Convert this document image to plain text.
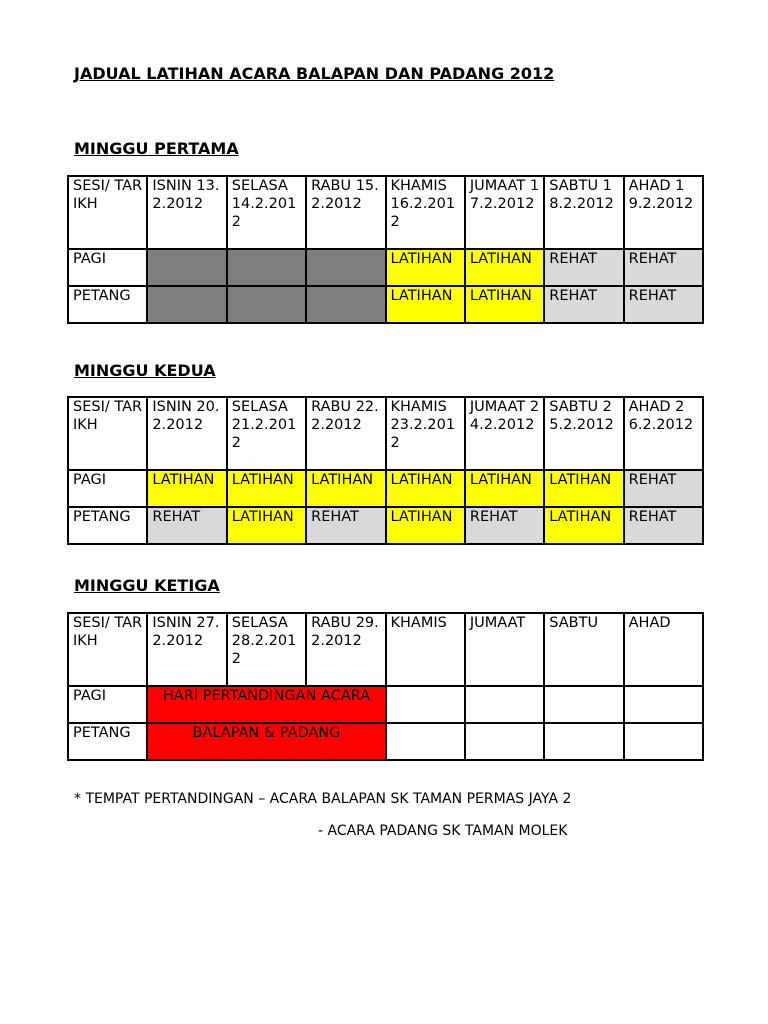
JADUAL LATIHAN ACARA BALAPAN DAN PADANG 2012
MINGGU PERTAMA
SESI/ TARIKH	ISNIN 13.2.2012	SELASA 14.2.2012	RABU 15.2.2012	KHAMIS 16.2.2012	JUMAAT 17.2.2012	SABTU 18.2.2012	AHAD 19.2.2012
PAGI				LATIHAN	LATIHAN	REHAT	REHAT
PETANG				LATIHAN	LATIHAN	REHAT	REHAT
MINGGU KEDUA
SESI/ TARIKH	ISNIN 20.2.2012	SELASA 21.2.2012	RABU 22.2.2012	KHAMIS 23.2.2012	JUMAAT 24.2.2012	SABTU 25.2.2012	AHAD 26.2.2012
PAGI	LATIHAN	LATIHAN	LATIHAN	LATIHAN	LATIHAN	LATIHAN	REHAT
PETANG	REHAT	LATIHAN	REHAT	LATIHAN	REHAT	LATIHAN	REHAT
MINGGU KETIGA
SESI/ TARIKH	ISNIN 27.2.2012	SELASA 28.2.2012	RABU 29.2.2012	KHAMIS	JUMAAT	SABTU	AHAD
PAGI	HARI PERTANDINGAN ACARA						
PETANG	BALAPAN & PADANG						
* TEMPAT PERTANDINGAN – ACARA BALAPAN SK TAMAN PERMAS JAYA 2
- ACARA PADANG SK TAMAN MOLEK
